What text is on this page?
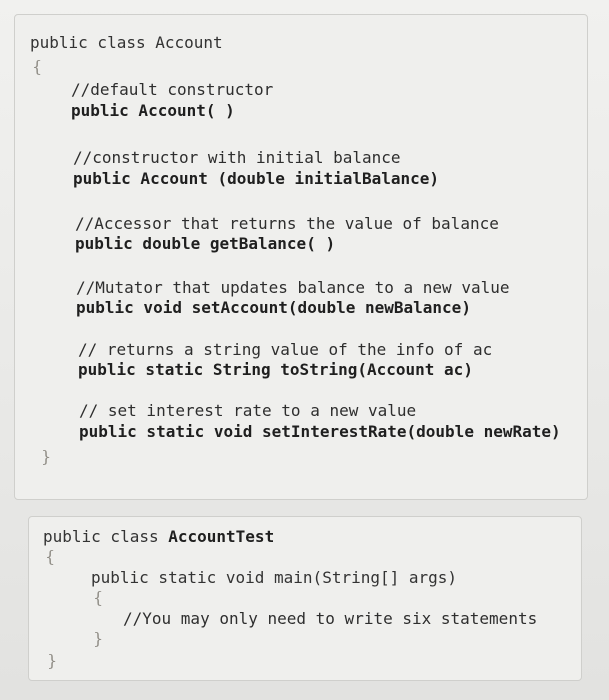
public class Account
{
//default constructor
public Account( )
//constructor with initial balance
public Account (double initialBalance)
//Accessor that returns the value of balance
public double getBalance( )
//Mutator that updates balance to a new value
public void setAccount(double newBalance)
// returns a string value of the info of ac
public static String toString(Account ac)
// set interest rate to a new value
public static void setInterestRate(double newRate)
}
public class AccountTest
{
public static void main(String[] args)
{
//You may only need to write six statements
}
}
